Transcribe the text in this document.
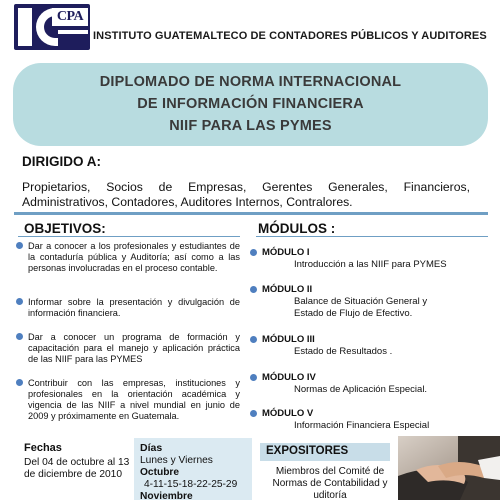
CPA
INSTITUTO GUATEMALTECO DE CONTADORES PÚBLICOS Y AUDITORES
DIPLOMADO DE NORMA INTERNACIONAL
DE INFORMACIÓN FINANCIERA
NIIF PARA LAS PYMES
DIRIGIDO A:
Propietarios, Socios de Empresas, Gerentes Generales, Financieros, Administrativos, Contadores, Auditores Internos, Contralores.
OBJETIVOS:
Dar a conocer a los profesionales y estudiantes de la contaduría pública y Auditoría; así como a las personas involucradas en el proceso contable.
Informar sobre la presentación y divulgación de información financiera.
Dar a conocer un programa de formación y capacitación para el manejo y aplicación práctica de las NIIF para las PYMES
Contribuir con las empresas, instituciones y profesionales en la orientación académica y vigencia de las NIIF a nivel mundial en junio de 2009 y próximamente en Guatemala.
MÓDULOS :
MÓDULO I
Introducción a las NIIF para PYMES
MÓDULO II
Balance de Situación General y Estado de Flujo de Efectivo.
MÓDULO III
Estado de Resultados .
MÓDULO IV
Normas de Aplicación Especial.
MÓDULO V
Información Financiera Especial
Fechas
Del 04 de octubre al 13 de diciembre de 2010
Días
Lunes y Viernes
Octubre
4-11-15-18-22-25-29
Noviembre
EXPOSITORES
Miembros del Comité de Normas de Contabilidad y uditoría
